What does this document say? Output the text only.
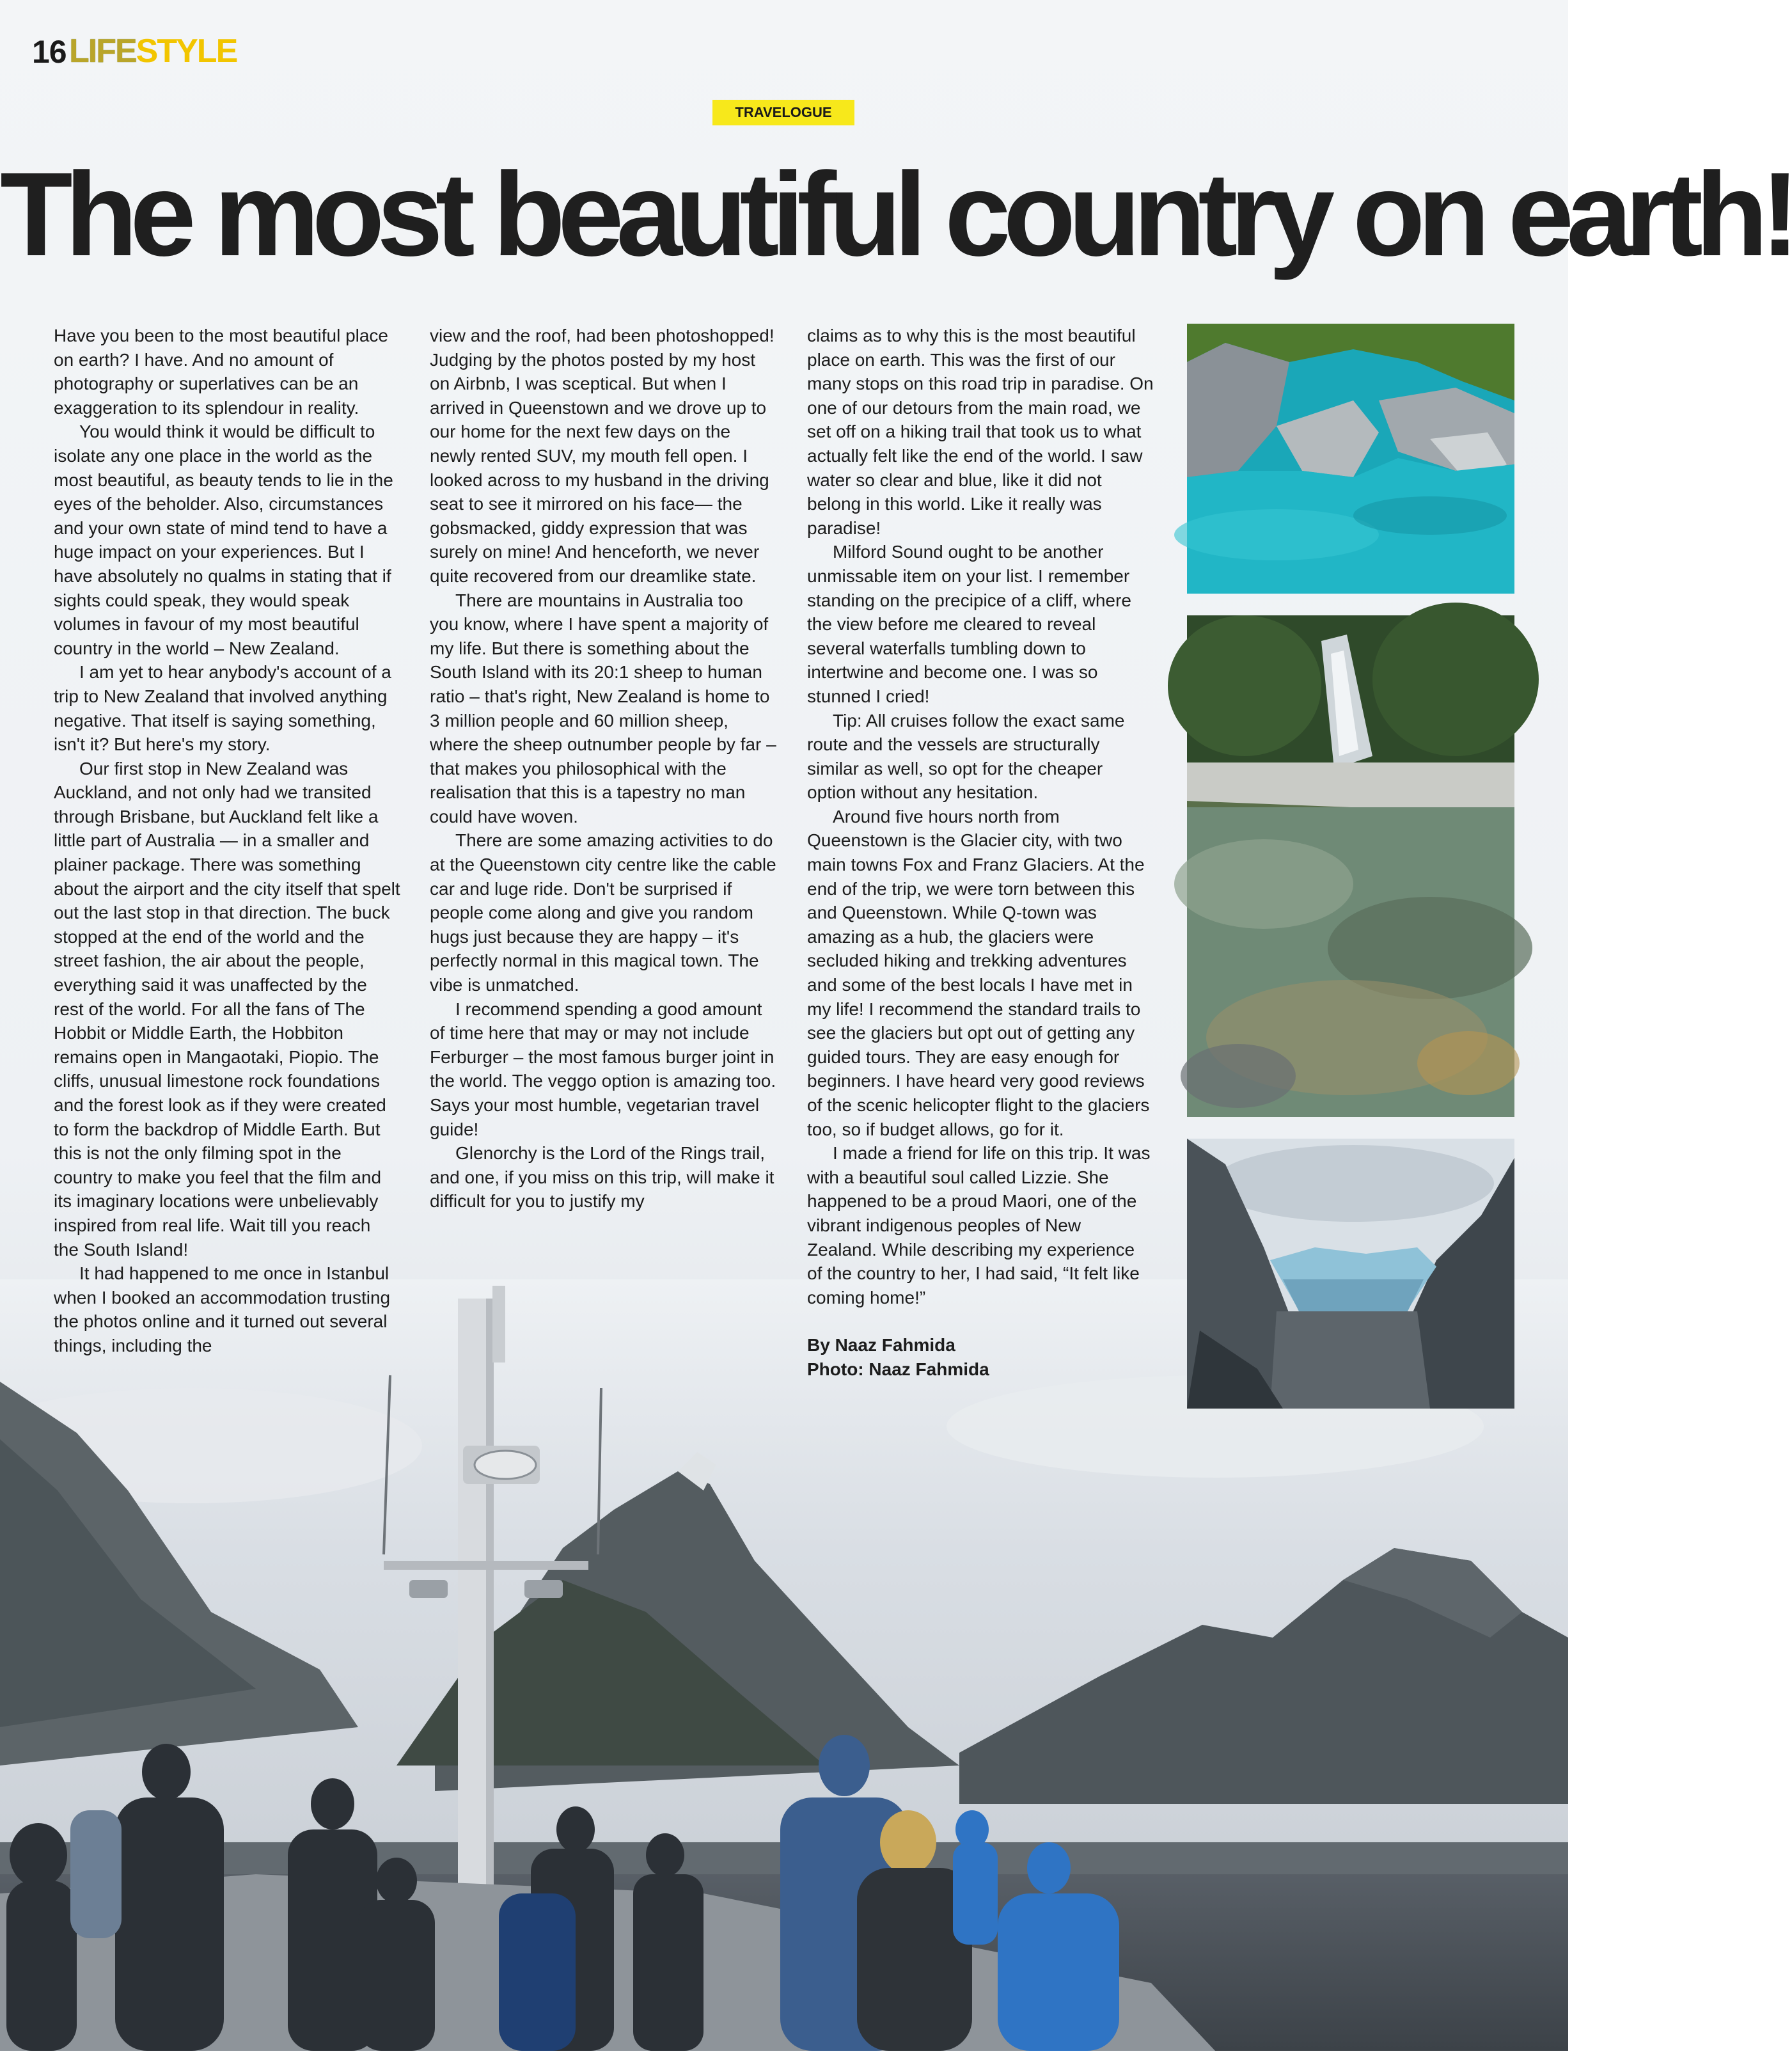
16 LIFESTYLE
TRAVELOGUE
The most beautiful country on earth!

Have you been to the most beautiful place on earth? I have. And no amount of photography or superlatives can be an exaggeration to its splendour in reality.

You would think it would be difficult to isolate any one place in the world as the most beautiful, as beauty tends to lie in the eyes of the beholder. Also, circumstances and your own state of mind tend to have a huge impact on your experiences. But I have absolutely no qualms in stating that if sights could speak, they would speak volumes in favour of my most beautiful country in the world – New Zealand.

I am yet to hear anybody's account of a trip to New Zealand that involved anything negative. That itself is saying something, isn't it? But here's my story.

Our first stop in New Zealand was Auckland, and not only had we transited through Brisbane, but Auckland felt like a little part of Australia — in a smaller and plainer package. There was something about the airport and the city itself that spelt out the last stop in that direction. The buck stopped at the end of the world and the street fashion, the air about the people, everything said it was unaffected by the rest of the world. For all the fans of The Hobbit or Middle Earth, the Hobbiton remains open in Mangaotaki, Piopio. The cliffs, unusual limestone rock foundations and the forest look as if they were created to form the backdrop of Middle Earth. But this is not the only filming spot in the country to make you feel that the film and its imaginary locations were unbelievably inspired from real life. Wait till you reach the South Island!

It had happened to me once in Istanbul when I booked an accommodation trusting the photos online and it turned out several things, including the

view and the roof, had been photoshopped! Judging by the photos posted by my host on Airbnb, I was sceptical. But when I arrived in Queenstown and we drove up to our home for the next few days on the newly rented SUV, my mouth fell open. I looked across to my husband in the driving seat to see it mirrored on his face— the gobsmacked, giddy expression that was surely on mine! And henceforth, we never quite recovered from our dreamlike state.

There are mountains in Australia too you know, where I have spent a majority of my life. But there is something about the South Island with its 20:1 sheep to human ratio – that's right, New Zealand is home to 3 million people and 60 million sheep, where the sheep outnumber people by far – that makes you philosophical with the realisation that this is a tapestry no man could have woven.

There are some amazing activities to do at the Queenstown city centre like the cable car and luge ride. Don't be surprised if people come along and give you random hugs just because they are happy – it's perfectly normal in this magical town. The vibe is unmatched.

I recommend spending a good amount of time here that may or may not include Ferburger – the most famous burger joint in the world. The veggo option is amazing too. Says your most humble, vegetarian travel guide!

Glenorchy is the Lord of the Rings trail, and one, if you miss on this trip, will make it difficult for you to justify my

claims as to why this is the most beautiful place on earth. This was the first of our many stops on this road trip in paradise. On one of our detours from the main road, we set off on a hiking trail that took us to what actually felt like the end of the world. I saw water so clear and blue, like it did not belong in this world. Like it really was paradise!

Milford Sound ought to be another unmissable item on your list. I remember standing on the precipice of a cliff, where the view before me cleared to reveal several waterfalls tumbling down to intertwine and become one. I was so stunned I cried!

Tip: All cruises follow the exact same route and the vessels are structurally similar as well, so opt for the cheaper option without any hesitation.

Around five hours north from Queenstown is the Glacier city, with two main towns Fox and Franz Glaciers. At the end of the trip, we were torn between this and Queenstown. While Q-town was amazing as a hub, the glaciers were secluded hiking and trekking adventures and some of the best locals I have met in my life! I recommend the standard trails to see the glaciers but opt out of getting any guided tours. They are easy enough for beginners. I have heard very good reviews of the scenic helicopter flight to the glaciers too, so if budget allows, go for it.

I made a friend for life on this trip. It was with a beautiful soul called Lizzie. She happened to be a proud Maori, one of the vibrant indigenous peoples of New Zealand. While describing my experience of the country to her, I had said, “It felt like coming home!”

By Naaz Fahmida
Photo: Naaz Fahmida
